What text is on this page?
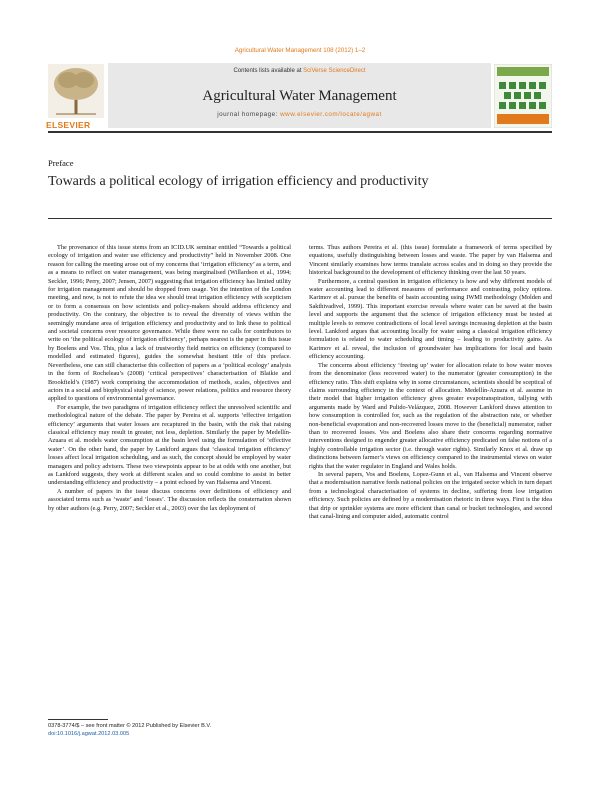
Agricultural Water Management 108 (2012) 1–2
ELSEVIER
Contents lists available at SciVerse ScienceDirect
Agricultural Water Management
journal homepage: www.elsevier.com/locate/agwat
Preface
Towards a political ecology of irrigation efficiency and productivity

The provenance of this issue stems from an ICID.UK seminar entitled “Towards a political ecology of irrigation and water use efficiency and productivity” held in November 2008. One reason for calling the meeting arose out of my concerns that ‘irrigation efficiency’ as a term, and as a means to reflect on water management, was being marginalised (Willardson et al., 1994; Seckler, 1996; Perry, 2007; Jensen, 2007) suggesting that irrigation efficiency has limited utility for irrigation management and should be dropped from usage. Yet the intention of the London meeting, and now, is not to refute the idea we should treat irrigation efficiency with scepticism or to form a consensus on how scientists and policy-makers should address efficiency and productivity. On the contrary, the objective is to reveal the diversity of views within the seemingly mundane area of irrigation efficiency and productivity and to link these to political and societal concerns over resource governance. While there were no calls for contributors to write on ‘the political ecology of irrigation efficiency’, perhaps nearest is the paper in this issue by Boelens and Vos. This, plus a lack of trustworthy field metrics on efficiency (compared to modelled and estimated figures), guides the somewhat hesitant title of this preface. Nevertheless, one can still characterise this collection of papers as a ‘political ecology’ analysis in the form of Rocheleau’s (2008) ‘critical perspectives’ characterisation of Blaikie and Brookfield’s (1987) work comprising the accommodation of methods, scales, objectives and actors in a social and biophysical study of science, power relations, politics and resource theory applied to questions of environmental governance.

For example, the two paradigms of irrigation efficiency reflect the unresolved scientific and methodological nature of the debate. The paper by Pereira et al. supports ‘effective irrigation efficiency’ arguments that water losses are recaptured in the basin, with the risk that raising classical efficiency may result in greater, not less, depletion. Similarly the paper by Medellín-Azuara et al. models water consumption at the basin level using the formulation of ‘effective water’. On the other hand, the paper by Lankford argues that ‘classical irrigation efficiency’ losses affect local irrigation scheduling, and as such, the concept should be employed by water managers and policy advisers. These two viewpoints appear to be at odds with one another, but as Lankford suggests, they work at different scales and so could combine to assist in better understanding efficiency and productivity – a point echoed by van Halsema and Vincent.

A number of papers in the issue discuss concerns over definitions of efficiency and associated terms such as ‘waste’ and ‘losses’. The discussion reflects the consternation shown by other authors (e.g. Perry, 2007; Seckler et al., 2003) over the lax deployment of

terms. Thus authors Pereira et al. (this issue) formulate a framework of terms specified by equations, usefully distinguishing between losses and waste. The paper by van Halsema and Vincent similarly examines how terms translate across scales and in doing so they provide the historical background to the development of efficiency thinking over the last 50 years.

Furthermore, a central question in irrigation efficiency is how and why different models of water accounting lead to different measures of performance and contrasting policy options. Karimov et al. pursue the benefits of basin accounting using IWMI methodology (Molden and Sakthivadivel, 1999). This important exercise reveals where water can be saved at the basin level and supports the argument that the science of irrigation efficiency must be tested at multiple levels to remove contradictions of local level savings increasing depletion at the basin level. Lankford argues that accounting locally for water using a classical irrigation efficiency formulation is related to water scheduling and timing – leading to productivity gains. As Karimov et al. reveal, the inclusion of groundwater has implications for local and basin efficiency accounting.

The concerns about efficiency ‘freeing up’ water for allocation relate to how water moves from the denominator (less recovered water) to the numerator (greater consumption) in the efficiency ratio. This shift explains why in some circumstances, scientists should be sceptical of claims surrounding efficiency in the context of allocation. Medellín-Azuara et al. assume in their model that higher irrigation efficiency gives greater evapotranspiration, tallying with arguments made by Ward and Pulido-Velázquez, 2008. However Lankford draws attention to how consumption is controlled for, such as the regulation of the abstraction rate, or whether non-beneficial evaporation and non-recovered losses move to the (beneficial) numerator, rather than to recovered losses. Vos and Boelens also share their concerns regarding normative interventions designed to engender greater allocative efficiency predicated on false notions of a highly controllable irrigation sector (i.e. through water rights). Similarly Knox et al. draw up distinctions between farmer’s views on efficiency compared to the instrumental views on water rights that the water regulator in England and Wales holds.

In several papers, Vos and Boelens, Lopez-Gunn et al., van Halsema and Vincent observe that a modernisation narrative feeds national policies on the irrigated sector which in turn depart from a technological characterisation of systems in decline, suffering from low irrigation efficiency. Such policies are defined by a modernisation rhetoric in three ways. First is the idea that drip or sprinkler systems are more efficient than canal or bucket technologies, and second that canal-lining and computer aided, automatic control

0378-3774/$ – see front matter © 2012 Published by Elsevier B.V.
doi:10.1016/j.agwat.2012.03.005
